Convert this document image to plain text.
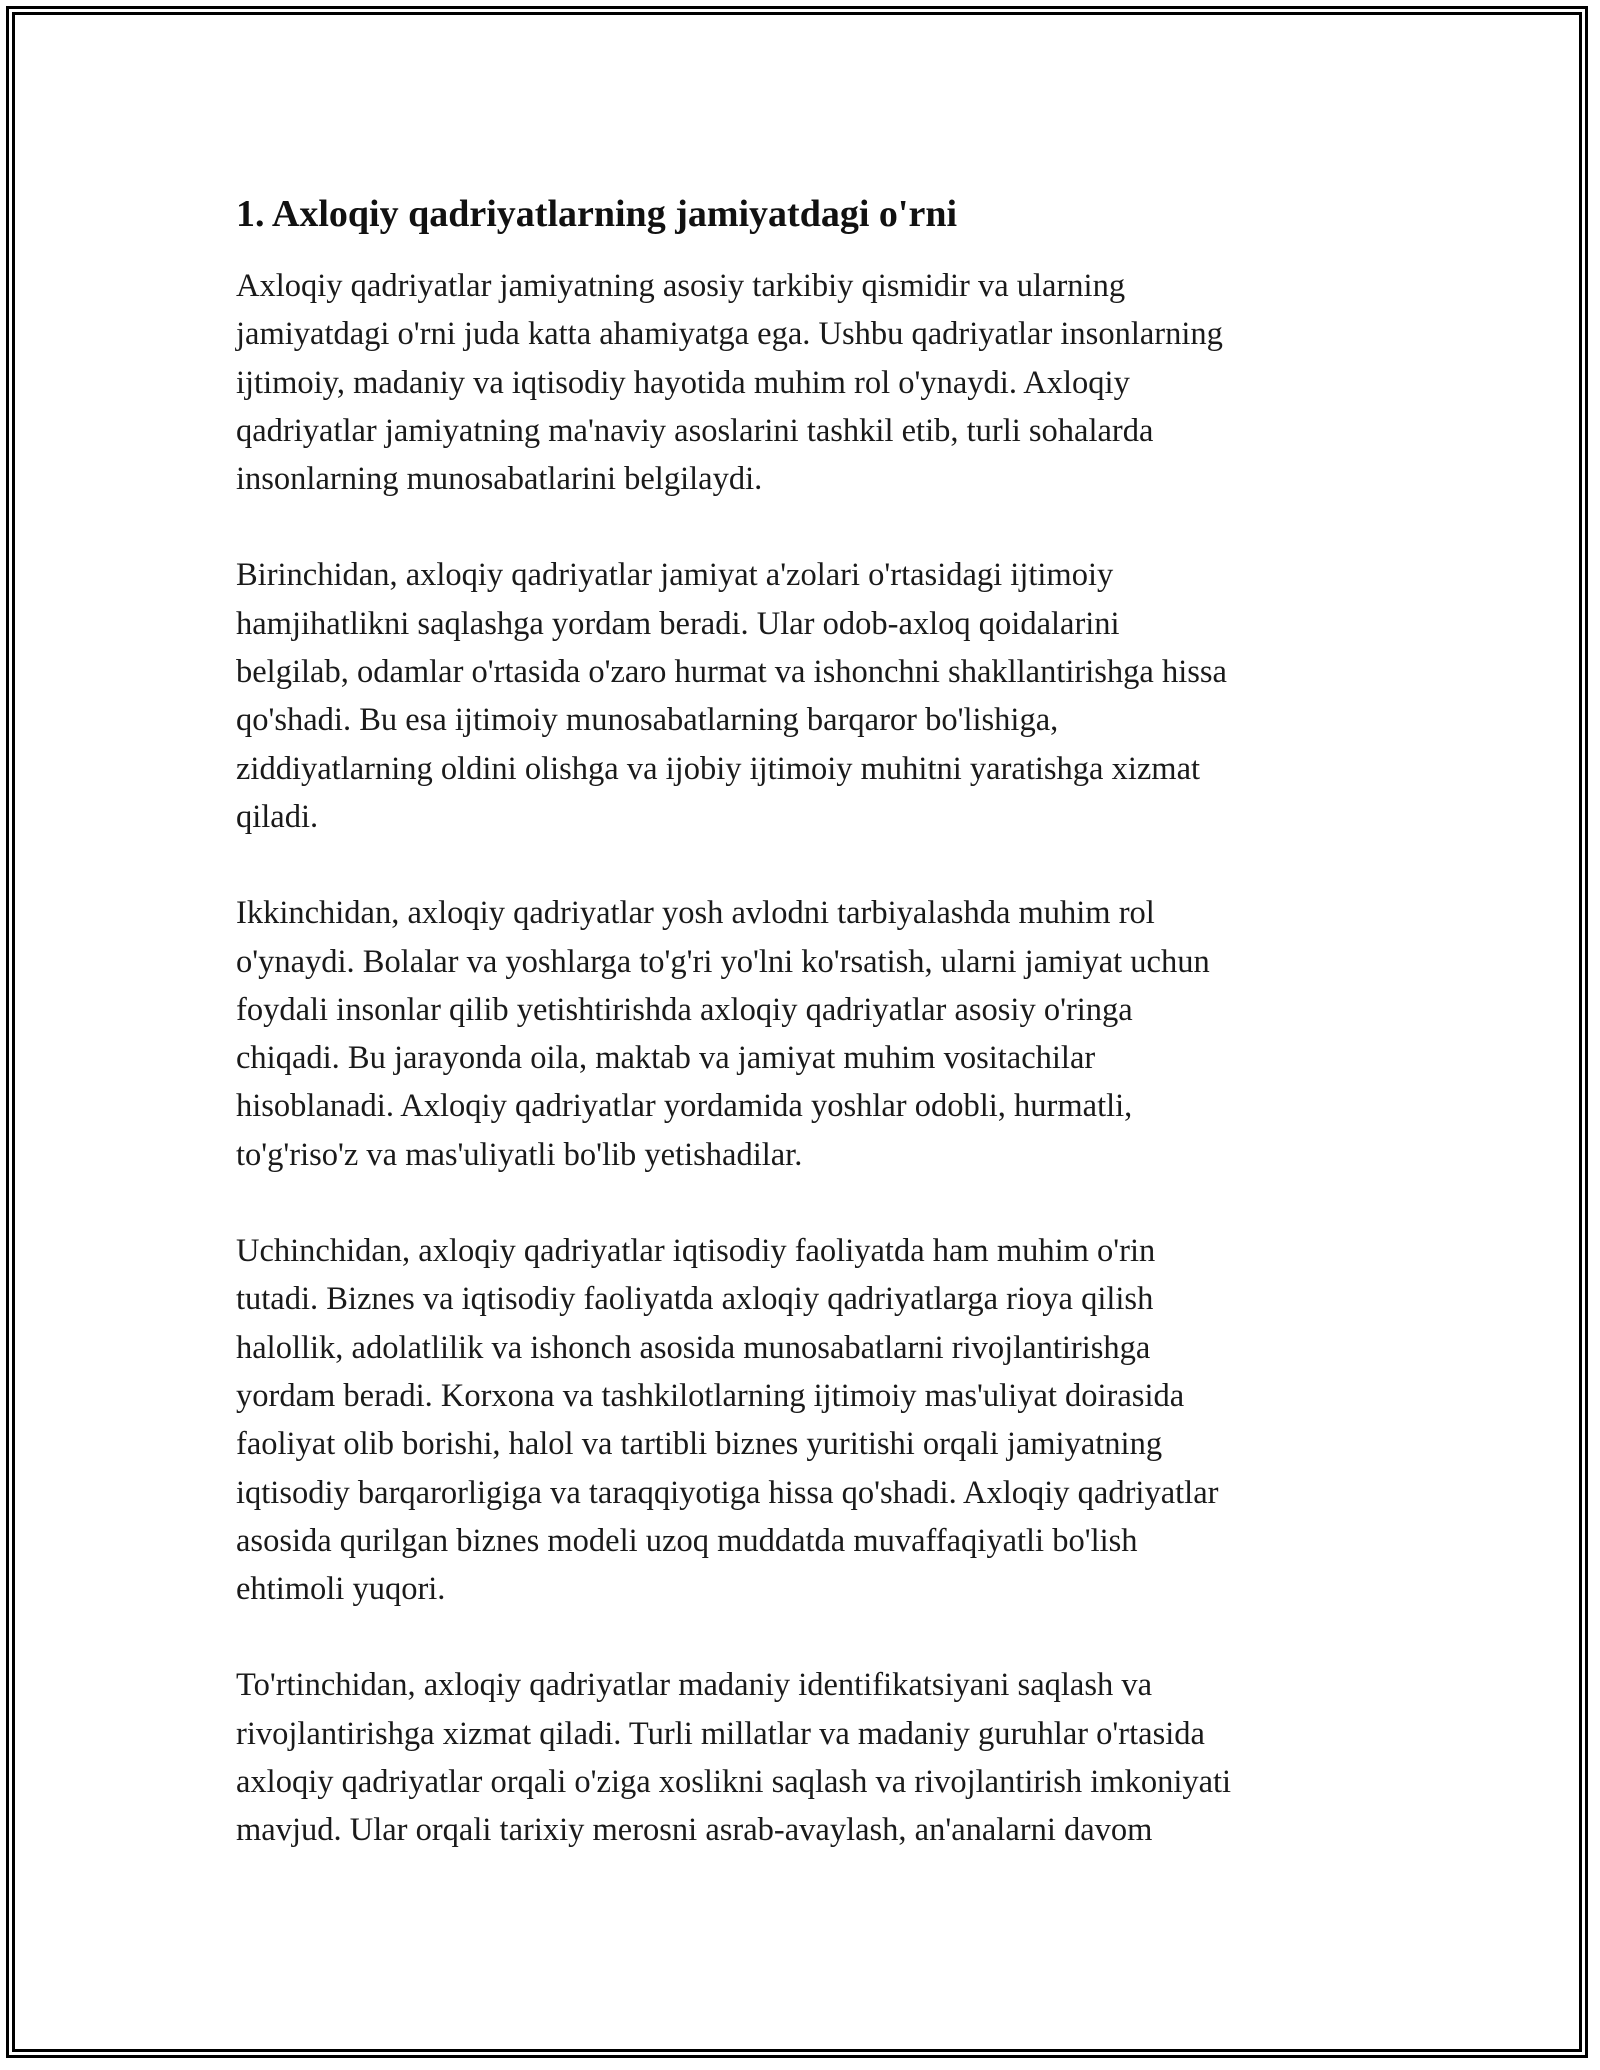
1. Axloqiy qadriyatlarning jamiyatdagi o'rni

Axloqiy qadriyatlar jamiyatning asosiy tarkibiy qismidir va ularning
jamiyatdagi o'rni juda katta ahamiyatga ega. Ushbu qadriyatlar insonlarning
ijtimoiy, madaniy va iqtisodiy hayotida muhim rol o'ynaydi. Axloqiy
qadriyatlar jamiyatning ma'naviy asoslarini tashkil etib, turli sohalarda
insonlarning munosabatlarini belgilaydi.

Birinchidan, axloqiy qadriyatlar jamiyat a'zolari o'rtasidagi ijtimoiy
hamjihatlikni saqlashga yordam beradi. Ular odob-axloq qoidalarini
belgilab, odamlar o'rtasida o'zaro hurmat va ishonchni shakllantirishga hissa
qo'shadi. Bu esa ijtimoiy munosabatlarning barqaror bo'lishiga,
ziddiyatlarning oldini olishga va ijobiy ijtimoiy muhitni yaratishga xizmat
qiladi.

Ikkinchidan, axloqiy qadriyatlar yosh avlodni tarbiyalashda muhim rol
o'ynaydi. Bolalar va yoshlarga to'g'ri yo'lni ko'rsatish, ularni jamiyat uchun
foydali insonlar qilib yetishtirishda axloqiy qadriyatlar asosiy o'ringa
chiqadi. Bu jarayonda oila, maktab va jamiyat muhim vositachilar
hisoblanadi. Axloqiy qadriyatlar yordamida yoshlar odobli, hurmatli,
to'g'riso'z va mas'uliyatli bo'lib yetishadilar.

Uchinchidan, axloqiy qadriyatlar iqtisodiy faoliyatda ham muhim o'rin
tutadi. Biznes va iqtisodiy faoliyatda axloqiy qadriyatlarga rioya qilish
halollik, adolatlilik va ishonch asosida munosabatlarni rivojlantirishga
yordam beradi. Korxona va tashkilotlarning ijtimoiy mas'uliyat doirasida
faoliyat olib borishi, halol va tartibli biznes yuritishi orqali jamiyatning
iqtisodiy barqarorligiga va taraqqiyotiga hissa qo'shadi. Axloqiy qadriyatlar
asosida qurilgan biznes modeli uzoq muddatda muvaffaqiyatli bo'lish
ehtimoli yuqori.

To'rtinchidan, axloqiy qadriyatlar madaniy identifikatsiyani saqlash va
rivojlantirishga xizmat qiladi. Turli millatlar va madaniy guruhlar o'rtasida
axloqiy qadriyatlar orqali o'ziga xoslikni saqlash va rivojlantirish imkoniyati
mavjud. Ular orqali tarixiy merosni asrab-avaylash, an'analarni davom
